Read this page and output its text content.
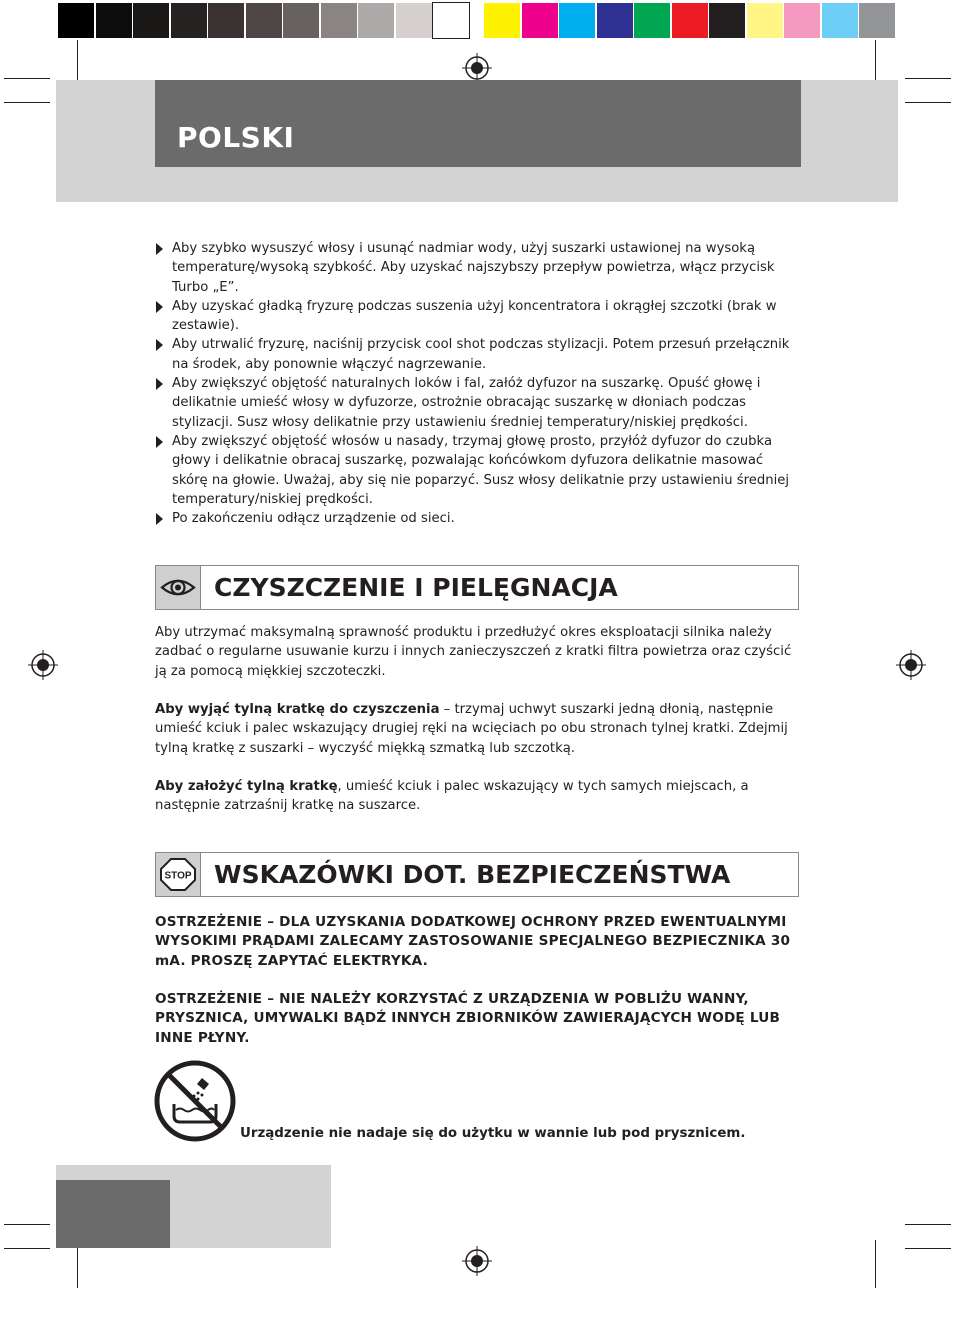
POLSKI
Aby szybko wysuszyć włosy i usunąć nadmiar wody, użyj suszarki ustawionej na wysoką temperaturę/wysoką szybkość. Aby uzyskać najszybszy przepływ powietrza, włącz przycisk Turbo „E”.
Aby uzyskać gładką fryzurę podczas suszenia użyj koncentratora i okrągłej szczotki (brak w zestawie).
Aby utrwalić fryzurę, naciśnij przycisk cool shot podczas stylizacji. Potem przesuń przełącznik na środek, aby ponownie włączyć nagrzewanie.
Aby zwiększyć objętość naturalnych loków i fal, załóż dyfuzor na suszarkę. Opuść głowę i delikatnie umieść włosy w dyfuzorze, ostrożnie obracając suszarkę w dłoniach podczas stylizacji. Susz włosy delikatnie przy ustawieniu średniej temperatury/niskiej prędkości.
Aby zwiększyć objętość włosów u nasady, trzymaj głowę prosto, przyłóż dyfuzor do czubka głowy i delikatnie obracaj suszarkę, pozwalając końcówkom dyfuzora delikatnie masować skórę na głowie. Uważaj, aby się nie poparzyć. Susz włosy delikatnie przy ustawieniu średniej temperatury/niskiej prędkości.
Po zakończeniu odłącz urządzenie od sieci.
CZYSZCZENIE I PIELĘGNACJA

Aby utrzymać maksymalną sprawność produktu i przedłużyć okres eksploatacji silnika należy zadbać o regularne usuwanie kurzu i innych zanieczyszczeń z kratki filtra powietrza oraz czyścić ją za pomocą miękkiej szczoteczki.

Aby wyjąć tylną kratkę do czyszczenia – trzymaj uchwyt suszarki jedną dłonią, następnie umieść kciuk i palec wskazujący drugiej ręki na wcięciach po obu stronach tylnej kratki. Zdejmij tylną kratkę z suszarki – wyczyść miękką szmatką lub szczotką.

Aby założyć tylną kratkę, umieść kciuk i palec wskazujący w tych samych miejscach, a następnie zatrzaśnij kratkę na suszarce.

STOP WSKAZÓWKI DOT. BEZPIECZEŃSTWA

OSTRZEŻENIE – DLA UZYSKANIA DODATKOWEJ OCHRONY PRZED EWENTUALNYMI WYSOKIMI PRĄDAMI ZALECAMY ZASTOSOWANIE SPECJALNEGO BEZPIECZNIKA 30 mA. PROSZĘ ZAPYTAĆ ELEKTRYKA.

OSTRZEŻENIE – NIE NALEŻY KORZYSTAĆ Z URZĄDZENIA W POBLIŻU WANNY, PRYSZNICA, UMYWALKI BĄDŹ INNYCH ZBIORNIKÓW ZAWIERAJĄCYCH WODĘ LUB INNE PŁYNY.

Urządzenie nie nadaje się do użytku w wannie lub pod prysznicem.
